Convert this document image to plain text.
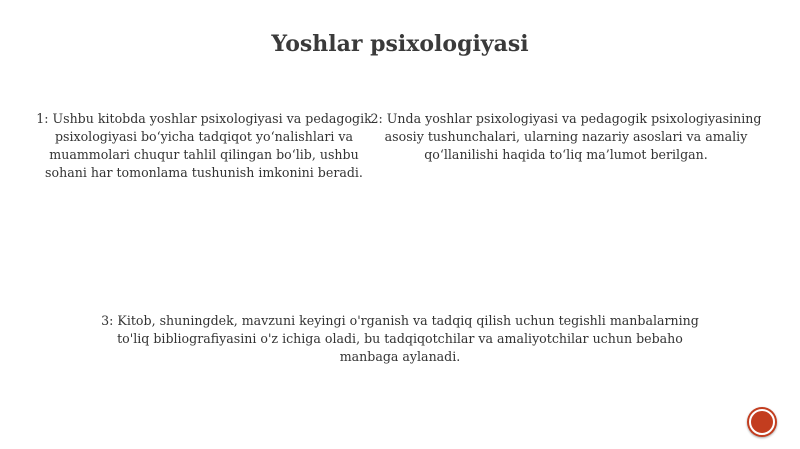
Yoshlar psixologiyasi
1: Ushbu kitobda yoshlar psixologiyasi va pedagogik psixologiyasi bo‘yicha tadqiqot yo‘nalishlari va muammolari chuqur tahlil qilingan bo‘lib, ushbu sohani har tomonlama tushunish imkonini beradi.
2: Unda yoshlar psixologiyasi va pedagogik psixologiyasining asosiy tushunchalari, ularning nazariy asoslari va amaliy qo‘llanilishi haqida to‘liq ma’lumot berilgan.
3: Kitob, shuningdek, mavzuni keyingi o'rganish va tadqiq qilish uchun tegishli manbalarning to'liq bibliografiyasini o'z ichiga oladi, bu tadqiqotchilar va amaliyotchilar uchun bebaho manbaga aylanadi.
